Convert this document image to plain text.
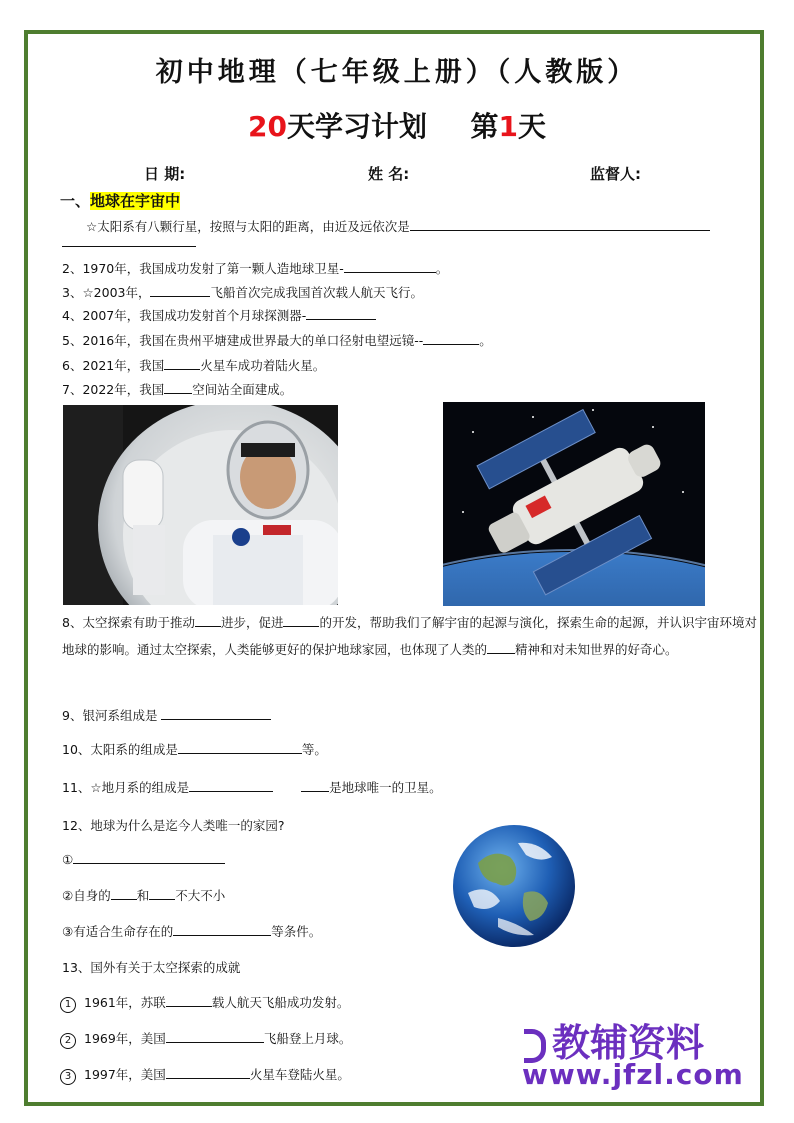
初中地理（七年级上册）（人教版）
20天学习计划 第1天
日 期:	姓 名:	监督人:
一、地球在宇宙中
☆太阳系有八颗行星，按照与太阳的距离，由近及远依次是
2、1970年，我国成功发射了第一颗人造地球卫星-	。
3、☆2003年，	飞船首次完成我国首次载人航天飞行。
4、2007年，我国成功发射首个月球探测器-
5、2016年，我国在贵州平塘建成世界最大的单口径射电望远镜--	。
6、2021年，我国	火星车成功着陆火星。
7、2022年，我国 空间站全面建成。
8、太空探索有助于推动 进步，促进	的开发，帮助我们了解宇宙的起源与演化，探索生命的起源，并认识宇宙环境对地球的影响。通过太空探索，人类能够更好的保护地球家园，也体现了人类的 精神和对未知世界的好奇心。
9、银河系组成是
10、太阳系的组成是	等。
11、☆地月系的组成是	是地球唯一的卫星。
12、地球为什么是迄今人类唯一的家园?
①
②自身的 和 不大不小
③有适合生命存在的	等条件。
13、国外有关于太空探索的成就
1 1961年，苏联	载人航天飞船成功发射。
2 1969年，美国	飞船登上月球。
3 1997年，美国	火星车登陆火星。
教辅资料
www.jfzl.com
